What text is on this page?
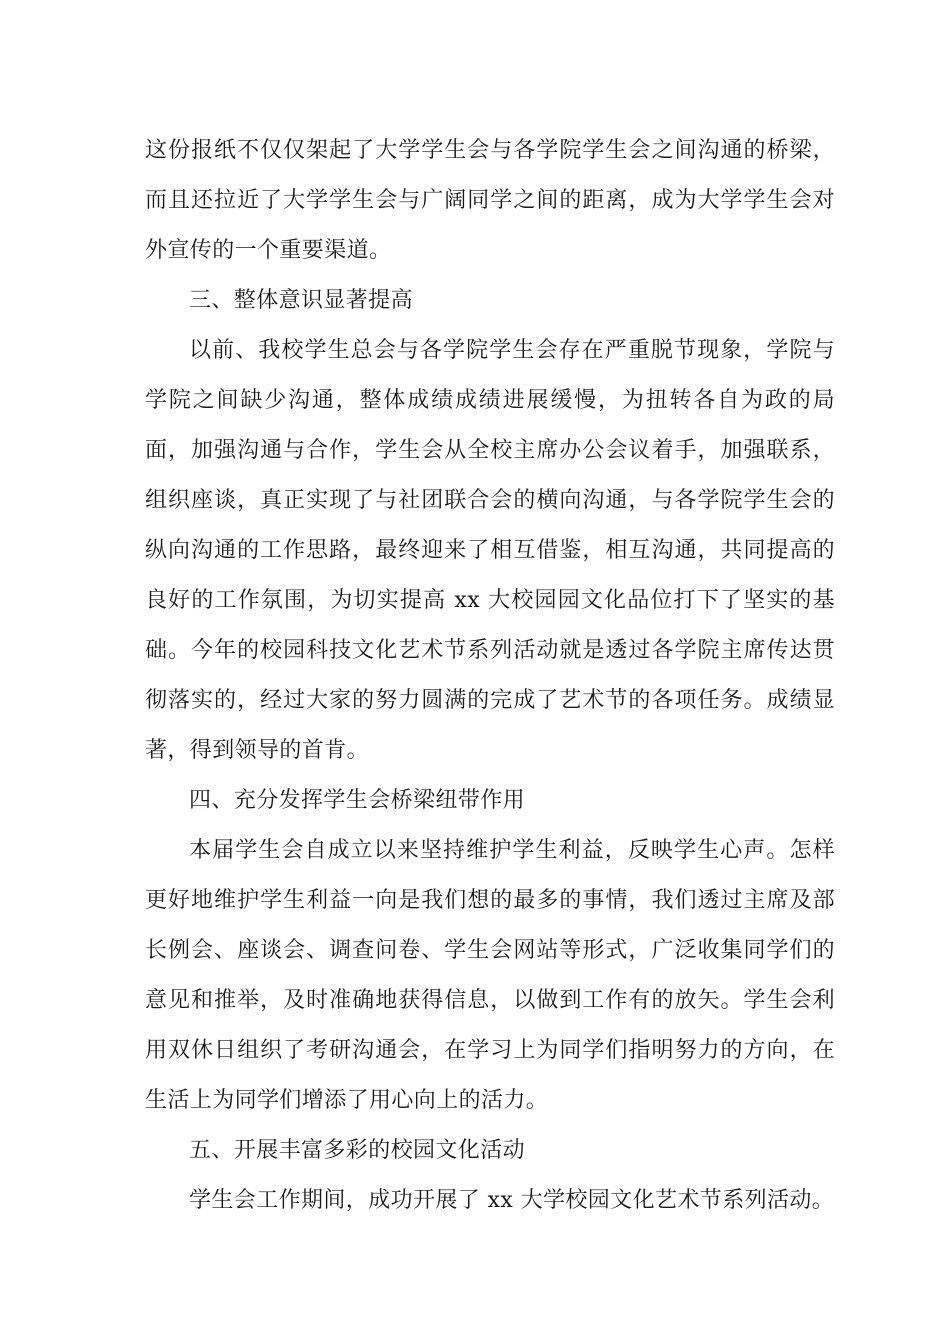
这份报纸不仅仅架起了大学学生会与各学院学生会之间沟通的桥梁，而且还拉近了大学学生会与广阔同学之间的距离，成为大学学生会对外宣传的一个重要渠道。

三、整体意识显著提高

以前、我校学生总会与各学院学生会存在严重脱节现象，学院与学院之间缺少沟通，整体成绩成绩进展缓慢，为扭转各自为政的局面，加强沟通与合作，学生会从全校主席办公会议着手，加强联系，组织座谈，真正实现了与社团联合会的横向沟通，与各学院学生会的纵向沟通的工作思路，最终迎来了相互借鉴，相互沟通，共同提高的良好的工作氛围，为切实提高 xx 大校园园文化品位打下了坚实的基础。今年的校园科技文化艺术节系列活动就是透过各学院主席传达贯彻落实的，经过大家的努力圆满的完成了艺术节的各项任务。成绩显著，得到领导的首肯。

四、充分发挥学生会桥梁纽带作用

本届学生会自成立以来坚持维护学生利益，反映学生心声。怎样更好地维护学生利益一向是我们想的最多的事情，我们透过主席及部长例会、座谈会、调查问卷、学生会网站等形式，广泛收集同学们的意见和推举，及时准确地获得信息，以做到工作有的放矢。学生会利用双休日组织了考研沟通会，在学习上为同学们指明努力的方向，在生活上为同学们增添了用心向上的活力。

五、开展丰富多彩的校园文化活动

学生会工作期间，成功开展了 xx 大学校园文化艺术节系列活动。
